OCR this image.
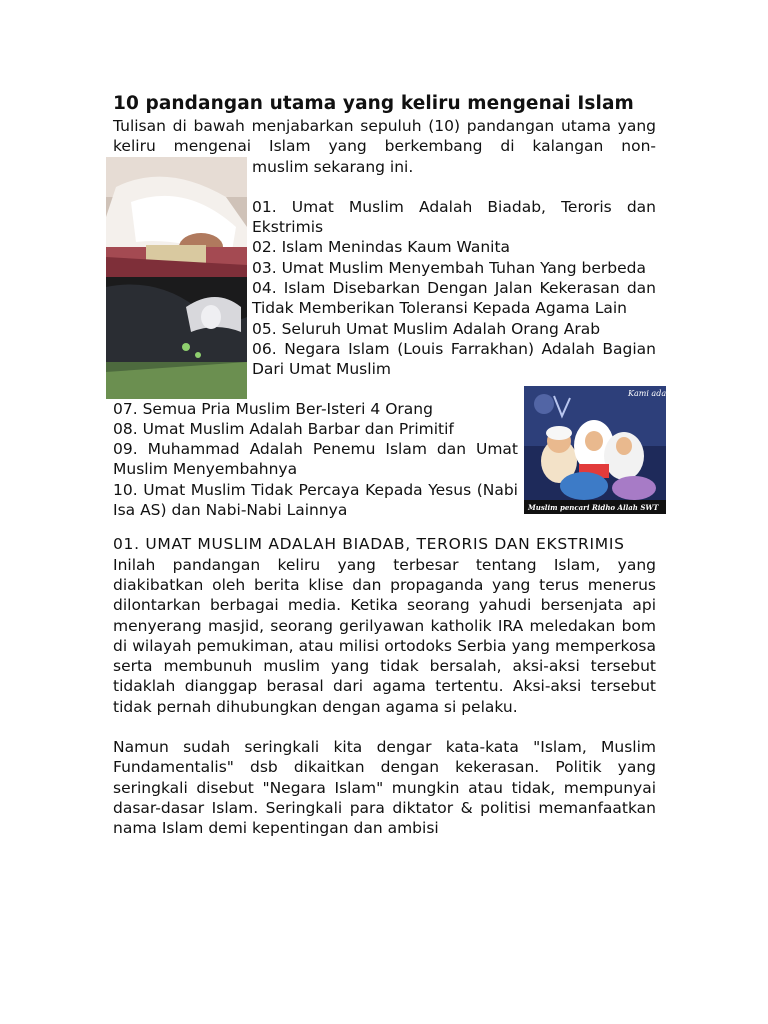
10 pandangan utama yang keliru mengenai Islam

Tulisan di bawah menjabarkan sepuluh (10) pandangan utama yang keliru mengenai Islam yang berkembang di kalangan non-

muslim sekarang ini.

01. Umat Muslim Adalah Biadab, Teroris dan Ekstrimis

02. Islam Menindas Kaum Wanita

03. Umat Muslim Menyembah Tuhan Yang berbeda

04. Islam Disebarkan Dengan Jalan Kekerasan dan Tidak Memberikan Toleransi Kepada Agama Lain

05. Seluruh Umat Muslim Adalah Orang Arab

06. Negara Islam (Louis Farrakhan) Adalah Bagian Dari Umat Muslim

Kami adalah
Muslim pencari Ridho Allah SWT

07. Semua Pria Muslim Ber-Isteri 4 Orang

08. Umat Muslim Adalah Barbar dan Primitif

09. Muhammad Adalah Penemu Islam dan Umat Muslim Menyembahnya

10. Umat Muslim Tidak Percaya Kepada Yesus (Nabi Isa AS) dan Nabi-Nabi Lainnya

01. UMAT MUSLIM ADALAH BIADAB, TERORIS DAN EKSTRIMIS

Inilah pandangan keliru yang terbesar tentang Islam, yang diakibatkan oleh berita klise dan propaganda yang terus menerus dilontarkan berbagai media. Ketika seorang yahudi bersenjata api menyerang masjid, seorang gerilyawan katholik IRA meledakan bom di wilayah pemukiman, atau milisi ortodoks Serbia yang memperkosa serta membunuh muslim yang tidak bersalah, aksi-aksi tersebut tidaklah dianggap berasal dari agama tertentu. Aksi-aksi tersebut tidak pernah dihubungkan dengan agama si pelaku.

Namun sudah seringkali kita dengar kata-kata "Islam, Muslim Fundamentalis" dsb dikaitkan dengan kekerasan. Politik yang seringkali disebut "Negara Islam" mungkin atau tidak, mempunyai dasar-dasar Islam. Seringkali para diktator & politisi memanfaatkan nama Islam demi kepentingan dan ambisi
